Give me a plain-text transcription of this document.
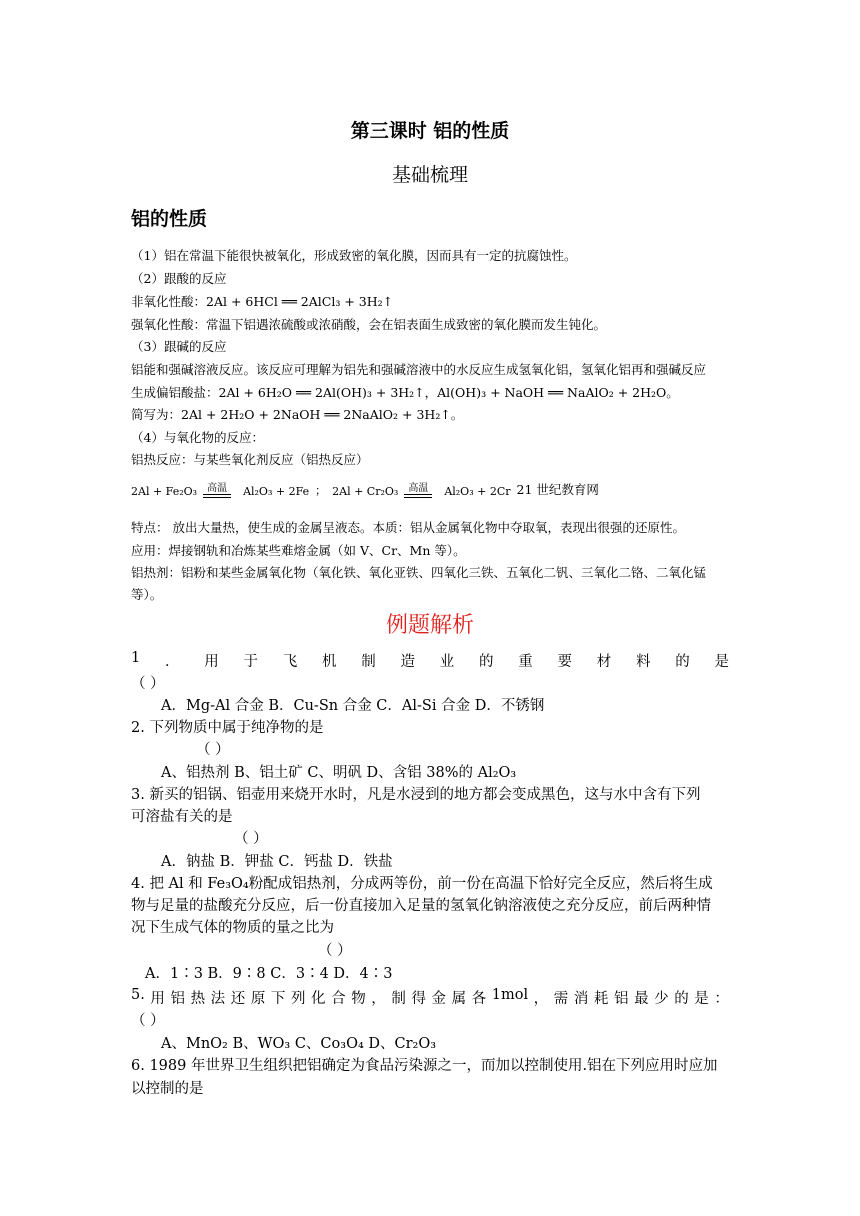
第三课时 铝的性质
基础梳理
铝的性质
（1）铝在常温下能很快被氧化，形成致密的氧化膜，因而具有一定的抗腐蚀性。
（2）跟酸的反应
非氧化性酸：2Al + 6HCl ══ 2AlCl₃ + 3H₂↑
强氧化性酸：常温下铝遇浓硫酸或浓硝酸，会在铝表面生成致密的氧化膜而发生钝化。
（3）跟碱的反应
铝能和强碱溶液反应。该反应可理解为铝先和强碱溶液中的水反应生成氢氧化铝，氢氧化铝再和强碱反应
生成偏铝酸盐：2Al + 6H₂O ══ 2Al(OH)₃ + 3H₂↑，Al(OH)₃ + NaOH ══ NaAlO₂ + 2H₂O。
简写为：2Al + 2H₂O + 2NaOH ══ 2NaAlO₂ + 3H₂↑。
（4）与氧化物的反应：
铝热反应：与某些氧化剂反应（铝热反应）
2Al + Fe₂O₃ 高温 Al₂O₃ + 2Fe ； 2Al + Cr₂O₃ 高温 Al₂O₃ + 2Cr 21 世纪教育网
特点： 放出大量热，使生成的金属呈液态。本质：铝从金属氧化物中夺取氧，表现出很强的还原性。
应用：焊接钢轨和冶炼某些难熔金属（如 V、Cr、Mn 等）。
铝热剂：铝粉和某些金属氧化物（氧化铁、氧化亚铁、四氧化三铁、五氧化二钒、三氧化二铬、二氧化锰
等）。
例题解析
1 ． 用 于 飞 机 制 造 业 的 重 要 材 料 的 是
（ ）
A．Mg-Al 合金 B．Cu-Sn 合金 C．Al-Si 合金 D．不锈钢
2. 下列物质中属于纯净物的是
（ ）
A、铝热剂 B、铝土矿 C、明矾 D、含铝 38%的 Al₂O₃
3. 新买的铝锅、铝壶用来烧开水时，凡是水浸到的地方都会变成黑色，这与水中含有下列
可溶盐有关的是
（ ）
A．钠盐 B．钾盐 C．钙盐 D．铁盐
4. 把 Al 和 Fe₃O₄粉配成铝热剂，分成两等份，前一份在高温下恰好完全反应，然后将生成
物与足量的盐酸充分反应，后一份直接加入足量的氢氧化钠溶液使之充分反应，前后两种情
况下生成气体的物质的量之比为
（ ）
A．1∶3 B．9∶8 C．3∶4 D．4∶3
5. 用 铝 热 法 还 原 下 列 化 合 物 ， 制 得 金 属 各 1mol ， 需 消 耗 铝 最 少 的 是 ：
（ ）
A、MnO₂ B、WO₃ C、Co₃O₄ D、Cr₂O₃
6. 1989 年世界卫生组织把铝确定为食品污染源之一，而加以控制使用.铝在下列应用时应加
以控制的是
